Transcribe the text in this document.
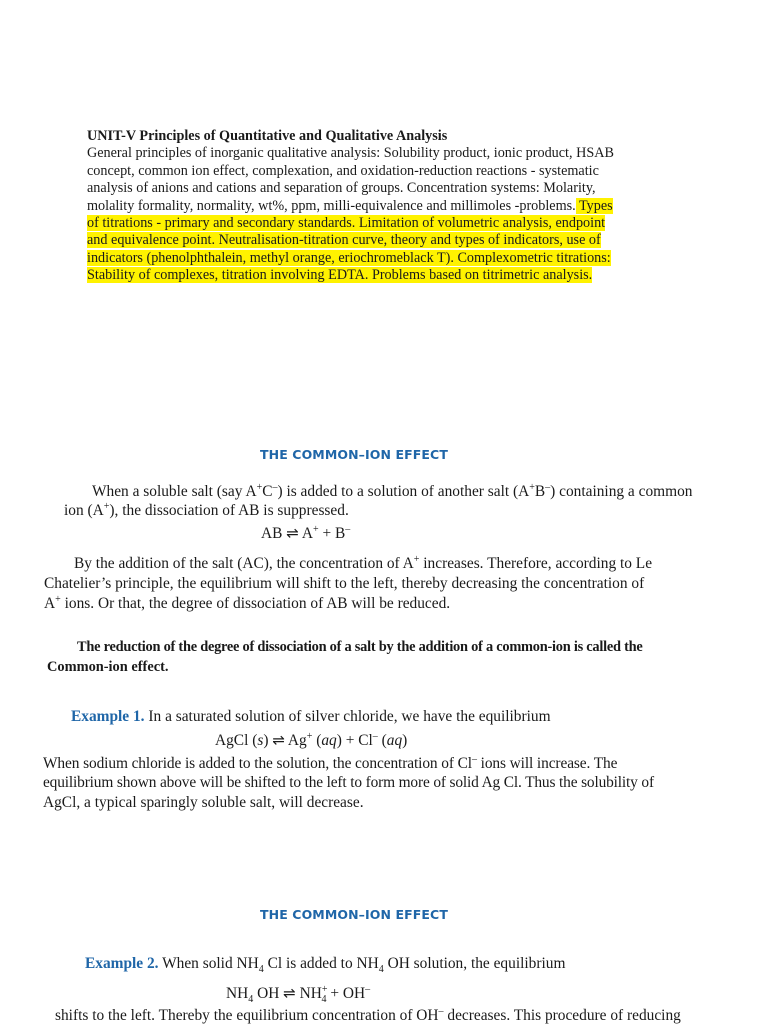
UNIT-V Principles of Quantitative and Qualitative Analysis
General principles of inorganic qualitative analysis: Solubility product, ionic product, HSAB
concept, common ion effect, complexation, and oxidation-reduction reactions - systematic
analysis of anions and cations and separation of groups. Concentration systems: Molarity,
molality formality, normality, wt%, ppm, milli-equivalence and millimoles -problems. Types
of titrations - primary and secondary standards. Limitation of volumetric analysis, endpoint
and equivalence point. Neutralisation-titration curve, theory and types of indicators, use of
indicators (phenolphthalein, methyl orange, eriochromeblack T). Complexometric titrations:
Stability of complexes, titration involving EDTA. Problems based on titrimetric analysis.
THE COMMON–ION EFFECT
When a soluble salt (say A+C–) is added to a solution of another salt (A+B–) containing a common
ion (A+), the dissociation of AB is suppressed.
AB ⇌ A+ + B–
By the addition of the salt (AC), the concentration of A+ increases. Therefore, according to Le
Chatelier’s principle, the equilibrium will shift to the left, thereby decreasing the concentration of
A+ ions. Or that, the degree of dissociation of AB will be reduced.
The reduction of the degree of dissociation of a salt by the addition of a common-ion is called the
Common-ion effect.
Example 1. In a saturated solution of silver chloride, we have the equilibrium
AgCl (s) ⇌ Ag+ (aq) + Cl– (aq)
When sodium chloride is added to the solution, the concentration of Cl– ions will increase. The
equilibrium shown above will be shifted to the left to form more of solid Ag Cl. Thus the solubility of
AgCl, a typical sparingly soluble salt, will decrease.
THE COMMON–ION EFFECT
Example 2. When solid $NH_4$ Cl is added to $NH_4$ OH solution, the equilibrium
$NH_4$ OH ⇌ $NH^+_4 + OH^-$
shifts to the left. Thereby the equilibrium concentration of OH– decreases. This procedure of reducing
